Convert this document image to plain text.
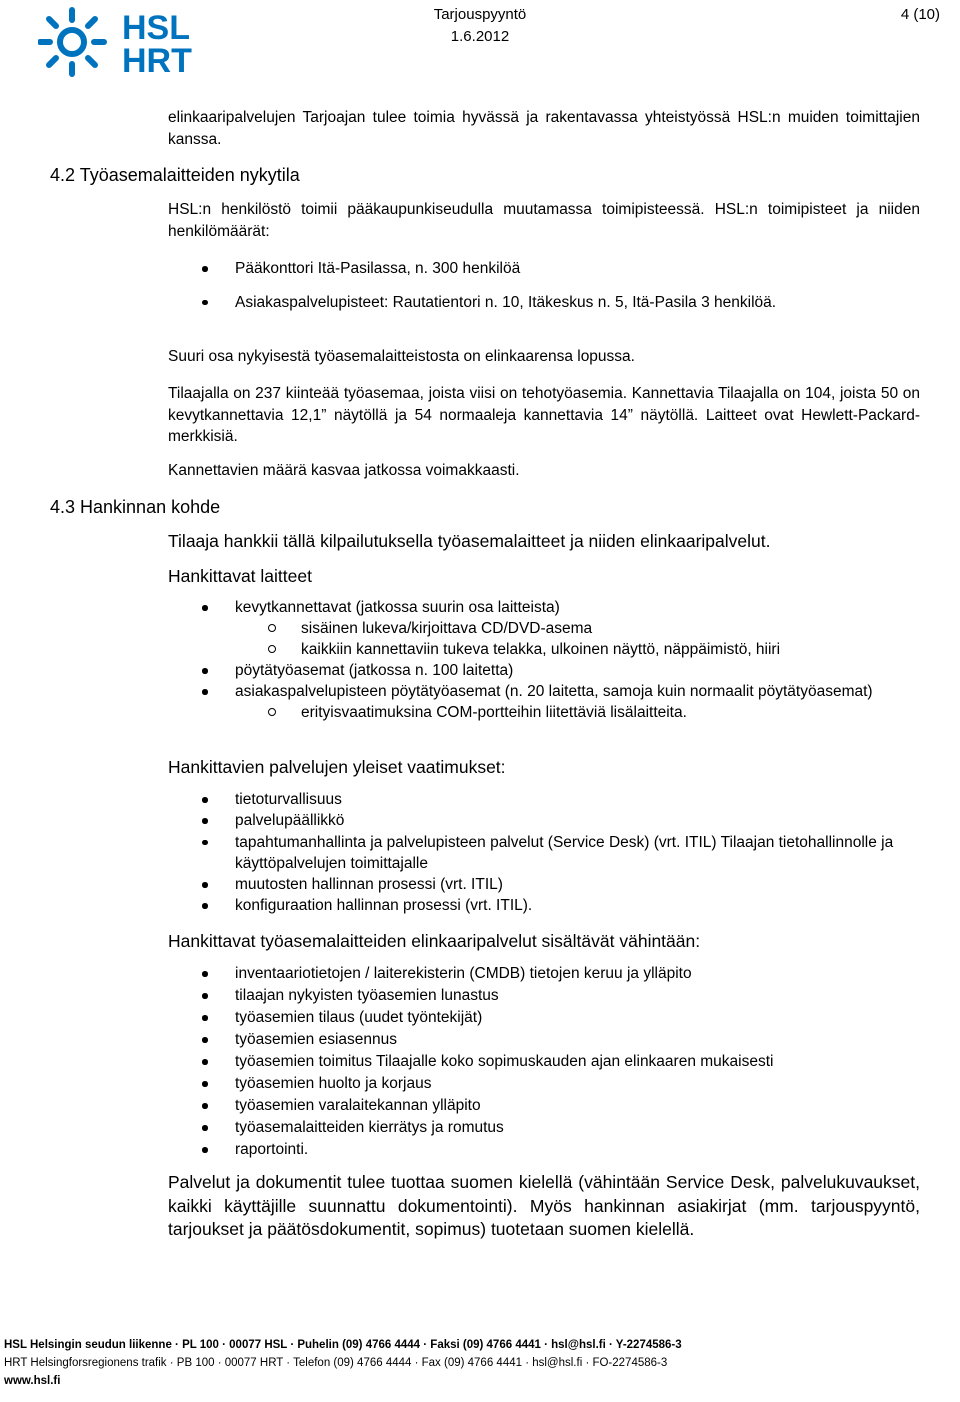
HSL
HRT
Tarjouspyyntö
1.6.2012
4 (10)
elinkaaripalvelujen Tarjoajan tulee toimia hyvässä ja rakentavassa yhteistyössä HSL:n muiden toimittajien kanssa.
4.2 Työasemalaitteiden nykytila
HSL:n henkilöstö toimii pääkaupunkiseudulla muutamassa toimipisteessä. HSL:n toimipisteet ja niiden henkilömäärät:
Pääkonttori Itä-Pasilassa, n. 300 henkilöä
Asiakaspalvelupisteet: Rautatientori n. 10, Itäkeskus n. 5, Itä-Pasila 3 henkilöä.
Suuri osa nykyisestä työasemalaitteistosta on elinkaarensa lopussa.
Tilaajalla on 237 kiinteää työasemaa, joista viisi on tehotyöasemia. Kannettavia Tilaajalla on 104, joista 50 on kevytkannettavia 12,1” näytöllä ja 54 normaaleja kannettavia 14” näytöllä. Laitteet ovat Hewlett-Packard-merkkisiä.
Kannettavien määrä kasvaa jatkossa voimakkaasti.
4.3 Hankinnan kohde
Tilaaja hankkii tällä kilpailutuksella työasemalaitteet ja niiden elinkaaripalvelut.
Hankittavat laitteet
kevytkannettavat (jatkossa suurin osa laitteista)
sisäinen lukeva/kirjoittava CD/DVD-asema
kaikkiin kannettaviin tukeva telakka, ulkoinen näyttö, näppäimistö, hiiri
pöytätyöasemat (jatkossa n. 100 laitetta)
asiakaspalvelupisteen pöytätyöasemat (n. 20 laitetta, samoja kuin normaalit pöytätyöasemat)
erityisvaatimuksina COM-portteihin liitettäviä lisälaitteita.
Hankittavien palvelujen yleiset vaatimukset:
tietoturvallisuus
palvelupäällikkö
tapahtumanhallinta ja palvelupisteen palvelut (Service Desk) (vrt. ITIL) Tilaajan tietohallinnolle ja käyttöpalvelujen toimittajalle
muutosten hallinnan prosessi (vrt. ITIL)
konfiguraation hallinnan prosessi (vrt. ITIL).
Hankittavat työasemalaitteiden elinkaaripalvelut sisältävät vähintään:
inventaariotietojen / laiterekisterin (CMDB) tietojen keruu ja ylläpito
tilaajan nykyisten työasemien lunastus
työasemien tilaus (uudet työntekijät)
työasemien esiasennus
työasemien toimitus Tilaajalle koko sopimuskauden ajan elinkaaren mukaisesti
työasemien huolto ja korjaus
työasemien varalaitekannan ylläpito
työasemalaitteiden kierrätys ja romutus
raportointi.
Palvelut ja dokumentit tulee tuottaa suomen kielellä (vähintään Service Desk, palvelukuvaukset, kaikki käyttäjille suunnattu dokumentointi). Myös hankinnan asiakirjat (mm. tarjouspyyntö, tarjoukset ja päätösdokumentit, sopimus) tuotetaan suomen kielellä.
HSL Helsingin seudun liikenne · PL 100 · 00077 HSL · Puhelin (09) 4766 4444 · Faksi (09) 4766 4441 · hsl@hsl.fi · Y-2274586-3
HRT Helsingforsregionens trafik · PB 100 · 00077 HRT · Telefon (09) 4766 4444 · Fax (09) 4766 4441 · hsl@hsl.fi · FO-2274586-3
www.hsl.fi
